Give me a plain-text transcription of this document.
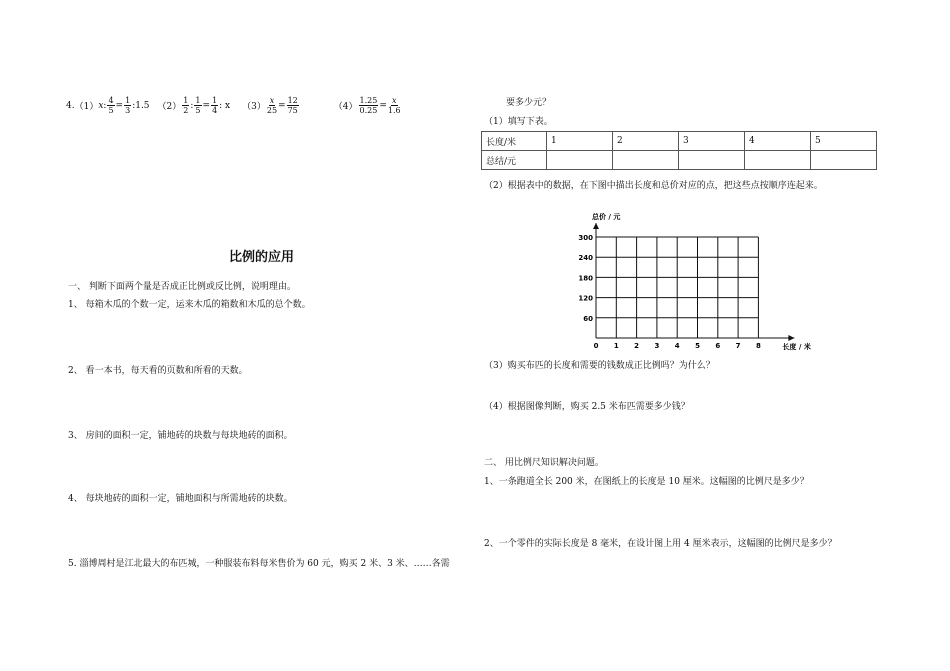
4. （1） x : $\frac{4}{5} = \frac{1}{3}$ :1.5 $(2) \frac{1}{2}$ : $\frac{1}{5} = \frac{1}{4}$ : x $(3) \frac{x}{25} = \frac{12}{75}$	$(4) \frac{1.25}{0.25} = \frac{x}{1.6}$
比例的应用
一、 判断下面两个量是否成正比例或反比例，说明理由。
1、 每箱木瓜的个数一定，运来木瓜的箱数和木瓜的总个数。
2、 看一本书，每天看的页数和所看的天数。
3、 房间的面积一定，铺地砖的块数与每块地砖的面积。
4、 每块地砖的面积一定，铺地面积与所需地砖的块数。
5. 淄博周村是江北最大的布匹城，一种服装布料每米售价为 60 元，购买 2 米、3 米、……各需
要多少元？
（1）填写下表。
长度/米	1	2	3	4	5
总结/元					
（2）根据表中的数据，在下图中描出长度和总价对应的点，把这些点按顺序连起来。
0 1 2 3 4 5 6 7 8
60
120
180
240
300
总价 / 元
长度 / 米
（3）购买布匹的长度和需要的钱数成正比例吗？为什么？
（4）根据图像判断，购买 2.5 米布匹需要多少钱？
二、 用比例尺知识解决问题。
1、一条跑道全长 200 米，在图纸上的长度是 10 厘米。这幅图的比例尺是多少？
2、一个零件的实际长度是 8 毫米，在设计图上用 4 厘米表示，这幅图的比例尺是多少？
